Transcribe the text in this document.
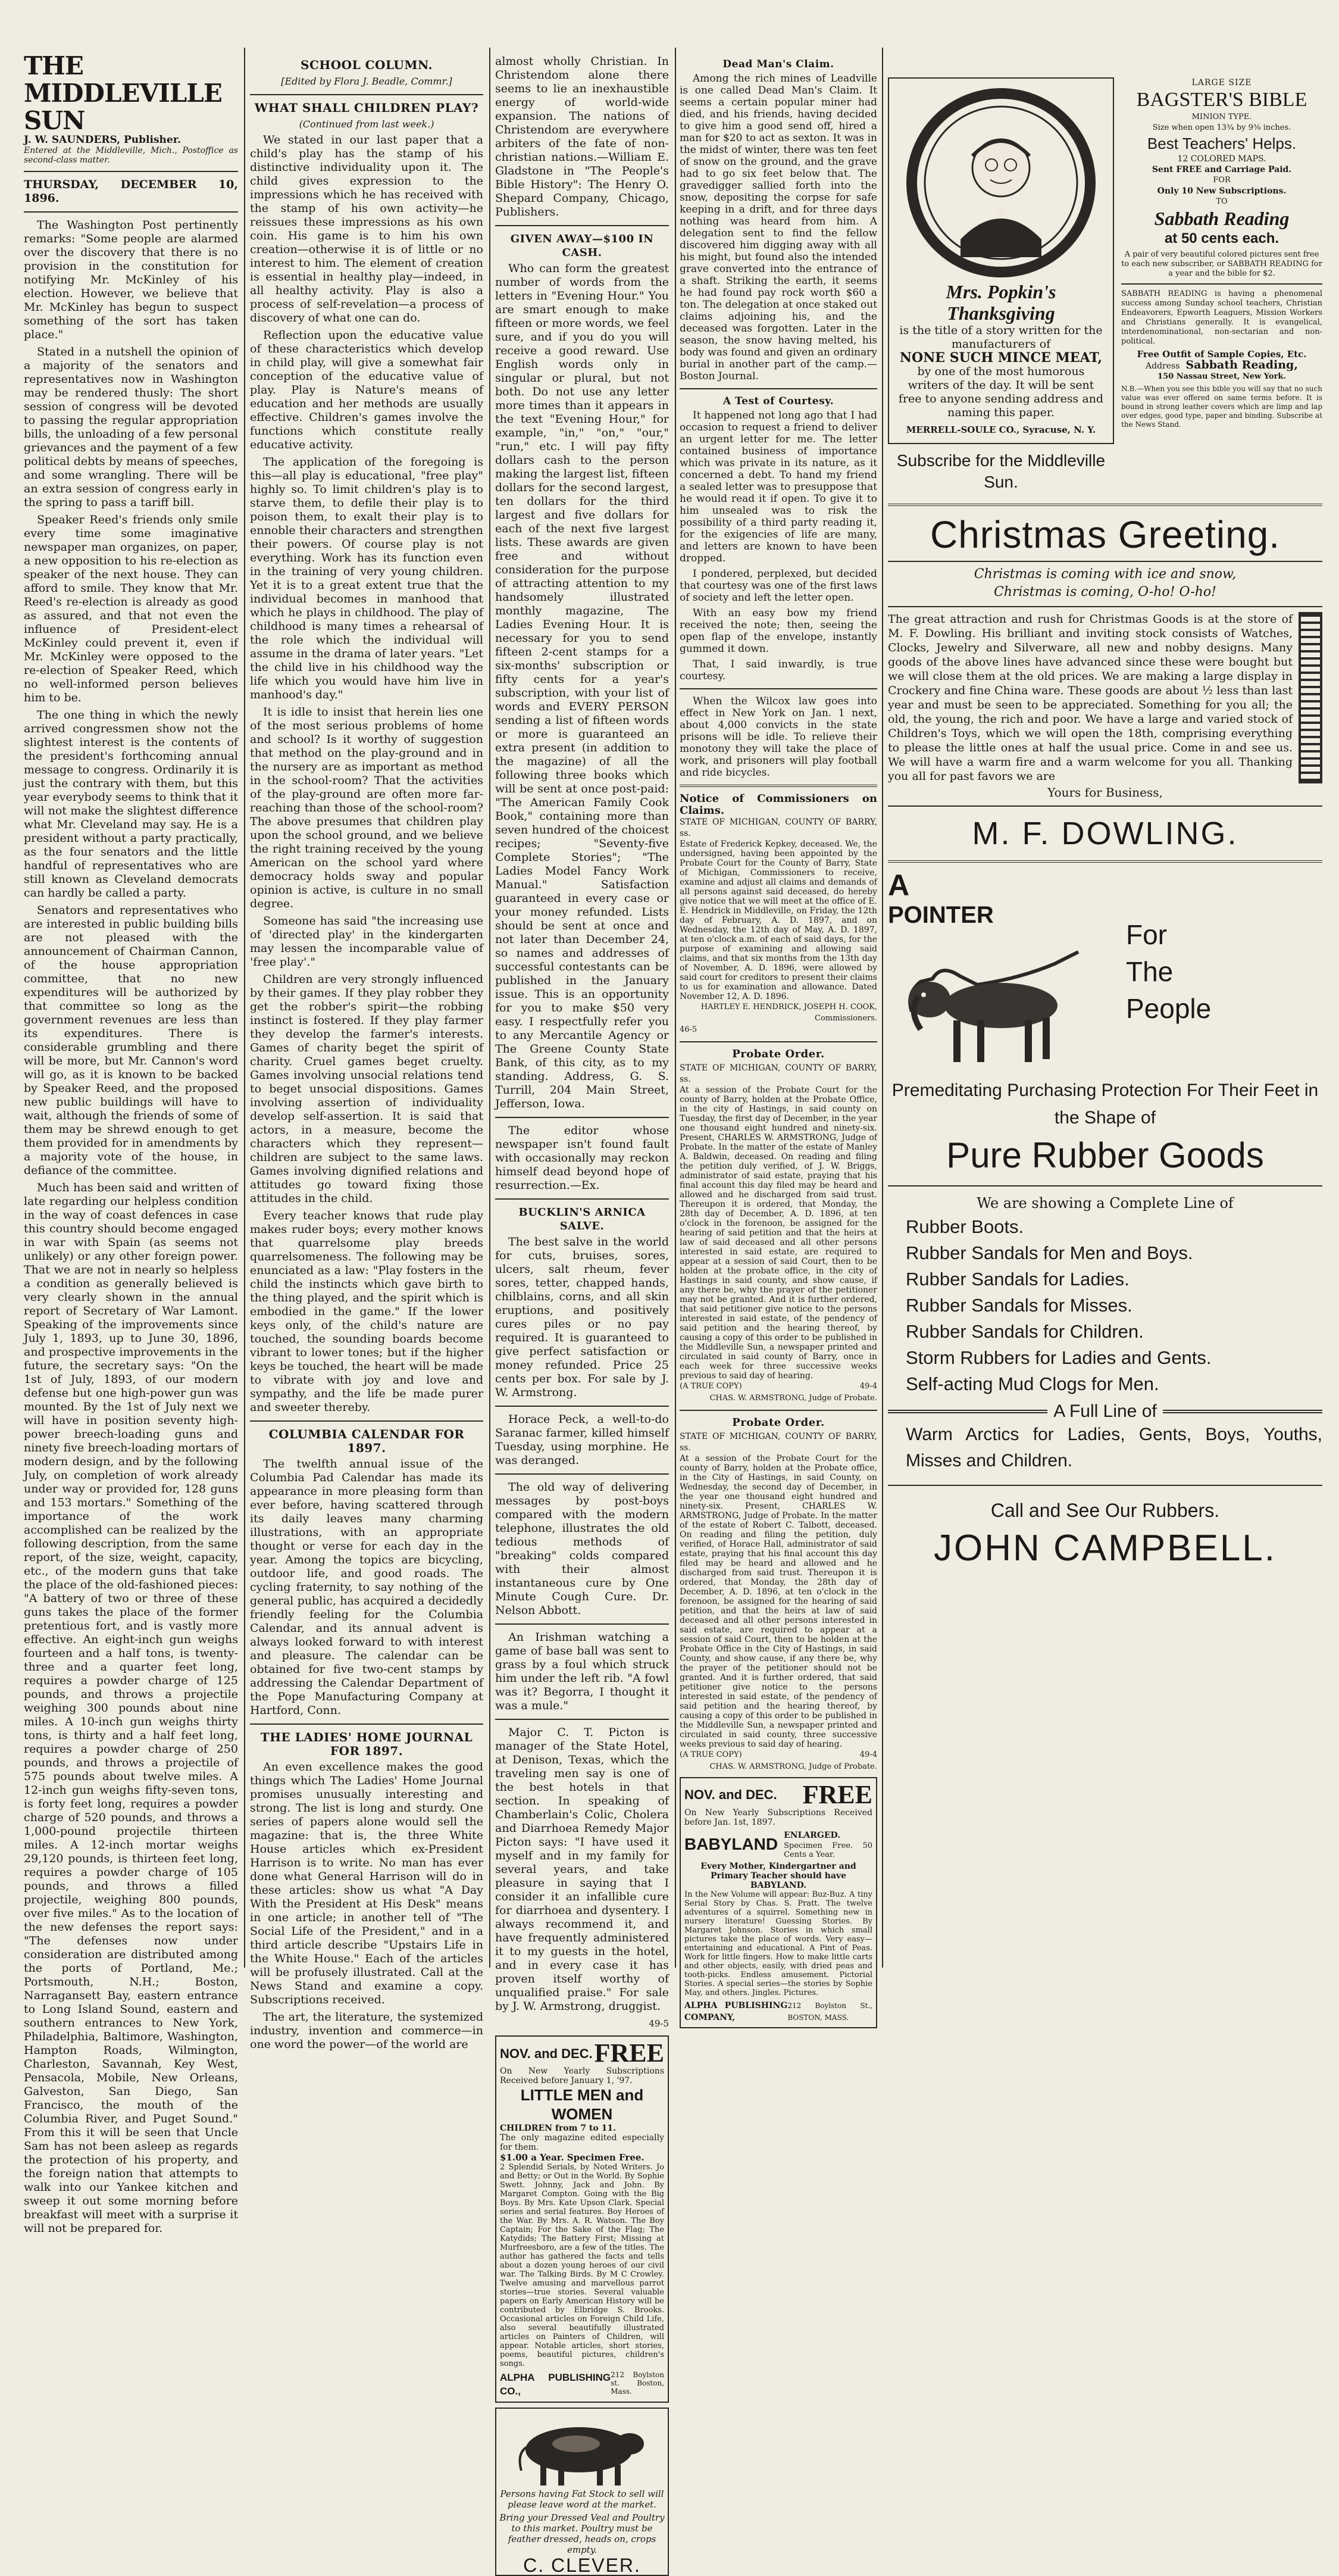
THE MIDDLEVILLE SUN
J. W. SAUNDERS, Publisher.
Entered at the Middleville, Mich., Postoffice as second-class matter.
THURSDAY, DECEMBER 10, 1896.

The Washington Post pertinently remarks: "Some people are alarmed over the discovery that there is no provision in the constitution for notifying Mr. McKinley of his election. However, we believe that Mr. McKinley has begun to suspect something of the sort has taken place."

Stated in a nutshell the opinion of a majority of the senators and representatives now in Washington may be rendered thusly: The short session of congress will be devoted to passing the regular appropriation bills, the unloading of a few personal grievances and the payment of a few political debts by means of speeches, and some wrangling. There will be an extra session of congress early in the spring to pass a tariff bill.

Speaker Reed's friends only smile every time some imaginative newspaper man organizes, on paper, a new opposition to his re-election as speaker of the next house. They can afford to smile. They know that Mr. Reed's re-election is already as good as assured, and that not even the influence of President-elect McKinley could prevent it, even if Mr. McKinley were opposed to the re-election of Speaker Reed, which no well-informed person believes him to be.

The one thing in which the newly arrived congressmen show not the slightest interest is the contents of the president's forthcoming annual message to congress. Ordinarily it is just the contrary with them, but this year everybody seems to think that it will not make the slightest difference what Mr. Cleveland may say. He is a president without a party practically, as the four senators and the little handful of representatives who are still known as Cleveland democrats can hardly be called a party.

Senators and representatives who are interested in public building bills are not pleased with the announcement of Chairman Cannon, of the house appropriation committee, that no new expenditures will be authorized by that committee so long as the government revenues are less than its expenditures. There is considerable grumbling and there will be more, but Mr. Cannon's word will go, as it is known to be backed by Speaker Reed, and the proposed new public buildings will have to wait, although the friends of some of them may be shrewd enough to get them provided for in amendments by a majority vote of the house, in defiance of the committee.

Much has been said and written of late regarding our helpless condition in the way of coast defences in case this country should become engaged in war with Spain (as seems not unlikely) or any other foreign power. That we are not in nearly so helpless a condition as generally believed is very clearly shown in the annual report of Secretary of War Lamont. Speaking of the improvements since July 1, 1893, up to June 30, 1896, and prospective improvements in the future, the secretary says: "On the 1st of July, 1893, of our modern defense but one high-power gun was mounted. By the 1st of July next we will have in position seventy high-power breech-loading guns and ninety five breech-loading mortars of modern design, and by the following July, on completion of work already under way or provided for, 128 guns and 153 mortars." Something of the importance of the work accomplished can be realized by the following description, from the same report, of the size, weight, capacity, etc., of the modern guns that take the place of the old-fashioned pieces: "A battery of two or three of these guns takes the place of the former pretentious fort, and is vastly more effective. An eight-inch gun weighs fourteen and a half tons, is twenty-three and a quarter feet long, requires a powder charge of 125 pounds, and throws a projectile weighing 300 pounds about nine miles. A 10-inch gun weighs thirty tons, is thirty and a half feet long, requires a powder charge of 250 pounds, and throws a projectile of 575 pounds about twelve miles. A 12-inch gun weighs fifty-seven tons, is forty feet long, requires a powder charge of 520 pounds, and throws a 1,000-pound projectile thirteen miles. A 12-inch mortar weighs 29,120 pounds, is thirteen feet long, requires a powder charge of 105 pounds, and throws a filled projectile, weighing 800 pounds, over five miles." As to the location of the new defenses the report says: "The defenses now under consideration are distributed among the ports of Portland, Me.; Portsmouth, N.H.; Boston, Narragansett Bay, eastern entrance to Long Island Sound, eastern and southern entrances to New York, Philadelphia, Baltimore, Washington, Hampton Roads, Wilmington, Charleston, Savannah, Key West, Pensacola, Mobile, New Orleans, Galveston, San Diego, San Francisco, the mouth of the Columbia River, and Puget Sound." From this it will be seen that Uncle Sam has not been asleep as regards the protection of his property, and the foreign nation that attempts to walk into our Yankee kitchen and sweep it out some morning before breakfast will meet with a surprise it will not be prepared for.

SCHOOL COLUMN.
[Edited by Flora J. Beadle, Commr.]
WHAT SHALL CHILDREN PLAY?
(Continued from last week.)

We stated in our last paper that a child's play has the stamp of his distinctive individuality upon it. The child gives expression to the impressions which he has received with the stamp of his own activity—he reissues these impressions as his own coin. His game is to him his own creation—otherwise it is of little or no interest to him. The element of creation is essential in healthy play—indeed, in all healthy activity. Play is also a process of self-revelation—a process of discovery of what one can do.

Reflection upon the educative value of these characteristics which develop in child play, will give a somewhat fair conception of the educative value of play. Play is Nature's means of education and her methods are usually effective. Children's games involve the functions which constitute really educative activity.

The application of the foregoing is this—all play is educational, "free play" highly so. To limit children's play is to starve them, to defile their play is to poison them, to exalt their play is to ennoble their characters and strengthen their powers. Of course play is not everything. Work has its function even in the training of very young children. Yet it is to a great extent true that the individual becomes in manhood that which he plays in childhood. The play of childhood is many times a rehearsal of the role which the individual will assume in the drama of later years. "Let the child live in his childhood way the life which you would have him live in manhood's day."

It is idle to insist that herein lies one of the most serious problems of home and school? Is it worthy of suggestion that method on the play-ground and in the nursery are as important as method in the school-room? That the activities of the play-ground are often more far-reaching than those of the school-room? The above presumes that children play upon the school ground, and we believe the right training received by the young American on the school yard where democracy holds sway and popular opinion is active, is culture in no small degree.

Someone has said "the increasing use of 'directed play' in the kindergarten may lessen the incomparable value of 'free play'."

Children are very strongly influenced by their games. If they play robber they get the robber's spirit—the robbing instinct is fostered. If they play farmer they develop the farmer's interests. Games of charity beget the spirit of charity. Cruel games beget cruelty. Games involving unsocial relations tend to beget unsocial dispositions. Games involving assertion of individuality develop self-assertion. It is said that actors, in a measure, become the characters which they represent—children are subject to the same laws. Games involving dignified relations and attitudes go toward fixing those attitudes in the child.

Every teacher knows that rude play makes ruder boys; every mother knows that quarrelsome play breeds quarrelsomeness. The following may be enunciated as a law: "Play fosters in the child the instincts which gave birth to the thing played, and the spirit which is embodied in the game." If the lower keys only, of the child's nature are touched, the sounding boards become vibrant to lower tones; but if the higher keys be touched, the heart will be made to vibrate with joy and love and sympathy, and the life be made purer and sweeter thereby.

COLUMBIA CALENDAR FOR 1897.

The twelfth annual issue of the Columbia Pad Calendar has made its appearance in more pleasing form than ever before, having scattered through its daily leaves many charming illustrations, with an appropriate thought or verse for each day in the year. Among the topics are bicycling, outdoor life, and good roads. The cycling fraternity, to say nothing of the general public, has acquired a decidedly friendly feeling for the Columbia Calendar, and its annual advent is always looked forward to with interest and pleasure. The calendar can be obtained for five two-cent stamps by addressing the Calendar Department of the Pope Manufacturing Company at Hartford, Conn.

THE LADIES' HOME JOURNAL FOR 1897.

An even excellence makes the good things which The Ladies' Home Journal promises unusually interesting and strong. The list is long and sturdy. One series of papers alone would sell the magazine: that is, the three White House articles which ex-President Harrison is to write. No man has ever done what General Harrison will do in these articles: show us what "A Day With the President at His Desk" means in one article; in another tell of "The Social Life of the President," and in a third article describe "Upstairs Life in the White House." Each of the articles will be profusely illustrated. Call at the News Stand and examine a copy. Subscriptions received.

The art, the literature, the systemized industry, invention and commerce—in one word the power—of the world are

almost wholly Christian. In Christendom alone there seems to lie an inexhaustible energy of world-wide expansion. The nations of Christendom are everywhere arbiters of the fate of non-christian nations.—William E. Gladstone in "The People's Bible History": The Henry O. Shepard Company, Chicago, Publishers.

GIVEN AWAY—$100 IN CASH.

Who can form the greatest number of words from the letters in "Evening Hour." You are smart enough to make fifteen or more words, we feel sure, and if you do you will receive a good reward. Use English words only in singular or plural, but not both. Do not use any letter more times than it appears in the text "Evening Hour," for example, "in," "on," "our," "run," etc. I will pay fifty dollars cash to the person making the largest list, fifteen dollars for the second largest, ten dollars for the third largest and five dollars for each of the next five largest lists. These awards are given free and without consideration for the purpose of attracting attention to my handsomely illustrated monthly magazine, The Ladies Evening Hour. It is necessary for you to send fifteen 2-cent stamps for a six-months' subscription or fifty cents for a year's subscription, with your list of words and EVERY PERSON sending a list of fifteen words or more is guaranteed an extra present (in addition to the magazine) of all the following three books which will be sent at once post-paid: "The American Family Cook Book," containing more than seven hundred of the choicest recipes; "Seventy-five Complete Stories"; "The Ladies Model Fancy Work Manual." Satisfaction guaranteed in every case or your money refunded. Lists should be sent at once and not later than December 24, so names and addresses of successful contestants can be published in the January issue. This is an opportunity for you to make $50 very easy. I respectfully refer you to any Mercantile Agency or The Greene County State Bank, of this city, as to my standing. Address, G. S. Turrill, 204 Main Street, Jefferson, Iowa.

The editor whose newspaper isn't found fault with occasionally may reckon himself dead beyond hope of resurrection.—Ex.

BUCKLIN'S ARNICA SALVE.

The best salve in the world for cuts, bruises, sores, ulcers, salt rheum, fever sores, tetter, chapped hands, chilblains, corns, and all skin eruptions, and positively cures piles or no pay required. It is guaranteed to give perfect satisfaction or money refunded. Price 25 cents per box. For sale by J. W. Armstrong.

Horace Peck, a well-to-do Saranac farmer, killed himself Tuesday, using morphine. He was deranged.

The old way of delivering messages by post-boys compared with the modern telephone, illustrates the old tedious methods of "breaking" colds compared with their almost instantaneous cure by One Minute Cough Cure. Dr. Nelson Abbott.

An Irishman watching a game of base ball was sent to grass by a foul which struck him under the left rib. "A fowl was it? Begorra, I thought it was a mule."

Major C. T. Picton is manager of the State Hotel, at Denison, Texas, which the traveling men say is one of the best hotels in that section. In speaking of Chamberlain's Colic, Cholera and Diarrhoea Remedy Major Picton says: "I have used it myself and in my family for several years, and take pleasure in saying that I consider it an infallible cure for diarrhoea and dysentery. I always recommend it, and have frequently administered it to my guests in the hotel, and in every case it has proven itself worthy of unqualified praise." For sale by J. W. Armstrong, druggist.

49-5
NOV. and DEC. FREE
On New Yearly Subscriptions Received before January 1, '97.
LITTLE MEN and WOMEN
CHILDREN from 7 to 11.
The only magazine edited especially for them.
$1.00 a Year. Specimen Free.
2 Splendid Serials, by Noted Writers. Jo and Betty; or Out in the World. By Sophie Swett. Johnny, Jack and John. By Margaret Compton. Going with the Big Boys. By Mrs. Kate Upson Clark. Special series and serial features. Boy Heroes of the War. By Mrs. A. R. Watson. The Boy Captain; For the Sake of the Flag; The Katydids; The Battery First; Missing at Murfreesboro, are a few of the titles. The author has gathered the facts and tells about a dozen young heroes of our civil war. The Talking Birds. By M C Crowley. Twelve amusing and marvellous parrot stories—true stories. Several valuable papers on Early American History will be contributed by Elbridge S. Brooks. Occasional articles on Foreign Child Life, also several beautifully illustrated articles on Painters of Children, will appear. Notable articles, short stories, poems, beautiful pictures, children's songs.
ALPHA PUBLISHING CO.,
212 Boylston st. Boston, Mass.
Persons having Fat Stock to sell will please leave word at the market.
Bring your Dressed Veal and Poultry to this market. Poultry must be feather dressed, heads on, crops empty.
C. CLEVER.
Dead Man's Claim.

Among the rich mines of Leadville is one called Dead Man's Claim. It seems a certain popular miner had died, and his friends, having decided to give him a good send off, hired a man for $20 to act as sexton. It was in the midst of winter, there was ten feet of snow on the ground, and the grave had to go six feet below that. The gravedigger sallied forth into the snow, depositing the corpse for safe keeping in a drift, and for three days nothing was heard from him. A delegation sent to find the fellow discovered him digging away with all his might, but found also the intended grave converted into the entrance of a shaft. Striking the earth, it seems he had found pay rock worth $60 a ton. The delegation at once staked out claims adjoining his, and the deceased was forgotten. Later in the season, the snow having melted, his body was found and given an ordinary burial in another part of the camp.—Boston Journal.

A Test of Courtesy.

It happened not long ago that I had occasion to request a friend to deliver an urgent letter for me. The letter contained business of importance which was private in its nature, as it concerned a debt. To hand my friend a sealed letter was to presuppose that he would read it if open. To give it to him unsealed was to risk the possibility of a third party reading it, for the exigencies of life are many, and letters are known to have been dropped.

I pondered, perplexed, but decided that courtesy was one of the first laws of society and left the letter open.

With an easy bow my friend received the note; then, seeing the open flap of the envelope, instantly gummed it down.

That, I said inwardly, is true courtesy.

When the Wilcox law goes into effect in New York on Jan. 1 next, about 4,000 convicts in the state prisons will be idle. To relieve their monotony they will take the place of work, and prisoners will play football and ride bicycles.

Notice of Commissioners on Claims.
STATE OF MICHIGAN, COUNTY OF BARRY, ss.
Estate of Frederick Kepkey, deceased. We, the undersigned, having been appointed by the Probate Court for the County of Barry, State of Michigan, Commissioners to receive, examine and adjust all claims and demands of all persons against said deceased, do hereby give notice that we will meet at the office of E. E. Hendrick in Middleville, on Friday, the 12th day of February, A. D. 1897, and on Wednesday, the 12th day of May, A. D. 1897, at ten o'clock a.m. of each of said days, for the purpose of examining and allowing said claims, and that six months from the 13th day of November, A. D. 1896, were allowed by said court for creditors to present their claims to us for examination and allowance. Dated November 12, A. D. 1896.
HARTLEY E. HENDRICK, JOSEPH H. COOK, Commissioners.
46-5
Probate Order.
STATE OF MICHIGAN, COUNTY OF BARRY, ss.
At a session of the Probate Court for the county of Barry, holden at the Probate Office, in the city of Hastings, in said county on Tuesday, the first day of December, in the year one thousand eight hundred and ninety-six. Present, CHARLES W. ARMSTRONG, Judge of Probate. In the matter of the estate of Manley A. Baldwin, deceased. On reading and filing the petition duly verified, of J. W. Briggs, administrator of said estate, praying that his final account this day filed may be heard and allowed and he discharged from said trust. Thereupon it is ordered, that Monday, the 28th day of December, A. D. 1896, at ten o'clock in the forenoon, be assigned for the hearing of said petition and that the heirs at law of said deceased and all other persons interested in said estate, are required to appear at a session of said Court, then to be holden at the probate office, in the city of Hastings in said county, and show cause, if any there be, why the prayer of the petitioner may not be granted. And it is further ordered, that said petitioner give notice to the persons interested in said estate, of the pendency of said petition and the hearing thereof, by causing a copy of this order to be published in the Middleville Sun, a newspaper printed and circulated in said county of Barry, once in each week for three successive weeks previous to said day of hearing.
(A TRUE COPY)	49-4
CHAS. W. ARMSTRONG, Judge of Probate.
Probate Order.
STATE OF MICHIGAN, COUNTY OF BARRY, ss.
At a session of the Probate Court for the county of Barry, holden at the Probate office, in the City of Hastings, in said County, on Wednesday, the second day of December, in the year one thousand eight hundred and ninety-six. Present, CHARLES W. ARMSTRONG, Judge of Probate. In the matter of the estate of Robert C. Talbott, deceased. On reading and filing the petition, duly verified, of Horace Hall, administrator of said estate, praying that his final account this day filed may be heard and allowed and he discharged from said trust. Thereupon it is ordered, that Monday, the 28th day of December, A. D. 1896, at ten o'clock in the forenoon, be assigned for the hearing of said petition, and that the heirs at law of said deceased and all other persons interested in said estate, are required to appear at a session of said Court, then to be holden at the Probate Office in the City of Hastings, in said County, and show cause, if any there be, why the prayer of the petitioner should not be granted. And it is further ordered, that said petitioner give notice to the persons interested in said estate, of the pendency of said petition and the hearing thereof, by causing a copy of this order to be published in the Middleville Sun, a newspaper printed and circulated in said county, three successive weeks previous to said day of hearing.
(A TRUE COPY)	49-4
CHAS. W. ARMSTRONG, Judge of Probate.
NOV. and DEC. FREE
On New Yearly Subscriptions Received before Jan. 1st, 1897.
BABYLAND ENLARGED.
Specimen Free. 50 Cents a Year.
Every Mother, Kindergartner and Primary Teacher should have BABYLAND.
In the New Volume will appear: Buz-Buz. A tiny Serial Story by Chas. S. Pratt. The twelve adventures of a squirrel. Something new in nursery literature! Guessing Stories. By Margaret Johnson. Stories in which small pictures take the place of words. Very easy—entertaining and educational. A Pint of Peas. Work for little fingers. How to make little carts and other objects, easily, with dried peas and tooth-picks. Endless amusement. Pictorial Stories. A special series—the stories by Sophie May, and others. Jingles. Pictures.
ALPHA PUBLISHING COMPANY,
212 Boylston St., BOSTON, MASS.
Mrs. Popkin's Thanksgiving
is the title of a story written for the manufacturers of
NONE SUCH MINCE MEAT,
by one of the most humorous writers of the day. It will be sent free to anyone sending address and naming this paper.
MERRELL-SOULE CO., Syracuse, N. Y.
LARGE SIZE
BAGSTER'S BIBLE
MINION TYPE.
Size when open 13¾ by 9⅜ inches.
Best Teachers' Helps.
12 COLORED MAPS.
Sent FREE and Carriage Paid.
FOR
Only 10 New Subscriptions.
TO
Sabbath Reading
at 50 cents each.
A pair of very beautiful colored pictures sent free to each new subscriber, or SABBATH READING for a year and the bible for $2.
SABBATH READING is having a phenomenal success among Sunday school teachers, Christian Endeavorers, Epworth Leaguers, Mission Workers and Christians generally. It is evangelical, interdenominational, non-sectarian and non-political.
Free Outfit of Sample Copies, Etc.
Address Sabbath Reading,
150 Nassau Street, New York.
N.B.—When you see this bible you will say that no such value was ever offered on same terms before. It is bound in strong leather covers which are limp and lap over edges, good type, paper and binding. Subscribe at the News Stand.
Subscribe for the Middleville Sun.
Christmas Greeting.
Christmas is coming with ice and snow,
Christmas is coming, O-ho! O-ho!
The great attraction and rush for Christmas Goods is at the store of M. F. Dowling. His brilliant and inviting stock consists of Watches, Clocks, Jewelry and Silverware, all new and nobby designs. Many goods of the above lines have advanced since these were bought but we will close them at the old prices. We are making a large display in Crockery and fine China ware. These goods are about ½ less than last year and must be seen to be appreciated. Something for you all; the old, the young, the rich and poor. We have a large and varied stock of Children's Toys, which we will open the 18th, comprising everything to please the little ones at half the usual price. Come in and see us. We will have a warm fire and a warm welcome for you all. Thanking you all for past favors we are
Yours for Business,
M. F. DOWLING.
A
POINTER
For
The
People
Premeditating Purchasing Protection For Their Feet in the Shape of
Pure Rubber Goods
We are showing a Complete Line of
Rubber Boots.
Rubber Sandals for Men and Boys.
Rubber Sandals for Ladies.
Rubber Sandals for Misses.
Rubber Sandals for Children.
Storm Rubbers for Ladies and Gents.
Self-acting Mud Clogs for Men.
A Full Line of
Warm Arctics for Ladies, Gents, Boys, Youths, Misses and Children.
Call and See Our Rubbers.
JOHN CAMPBELL.
